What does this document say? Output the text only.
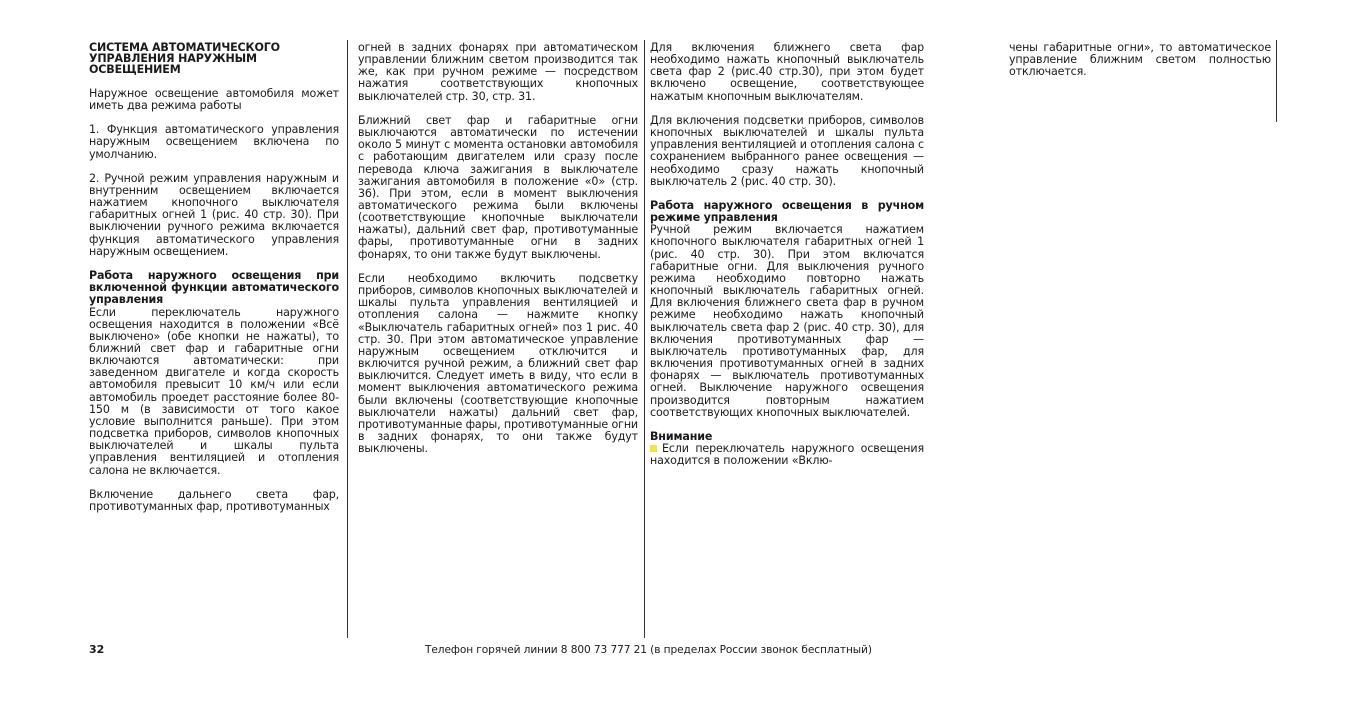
СИСТЕМА АВТОМАТИЧЕСКОГО УПРАВЛЕНИЯ НАРУЖНЫМ ОСВЕЩЕНИЕМ
Наружное освещение автомобиля может иметь два режима работы
1. Функция автоматического управления наружным освещением включена по умолчанию.
2. Ручной режим управления наружным и внутренним освещением включается нажатием кнопочного выключателя габаритных огней 1 (рис. 40 стр. 30). При выключении ручного режима включается функция автоматического управления наружным освещением.
Работа наружного освещения при включенной функции автоматического управления
Если переключатель наружного освещения находится в положении «Всё выключено» (обе кнопки не нажаты), то ближний свет фар и габаритные огни включаются автоматически: при заведенном двигателе и когда скорость автомобиля превысит 10 км/ч или если автомобиль проедет расстояние более 80-150 м (в зависимости от того какое условие выполнится раньше). При этом подсветка приборов, символов кнопочных выключателей и шкалы пульта управления вентиляцией и отопления салона не включается.
Включение дальнего света фар, противотуманных фар, противотуманных
огней в задних фонарях при автоматическом управлении ближним светом производится так же, как при ручном режиме — посредством нажатия соответствующих кнопочных выключателей стр. 30, стр. 31.
Ближний свет фар и габаритные огни выключаются автоматически по истечении около 5 минут с момента остановки автомобиля с работающим двигателем или сразу после перевода ключа зажигания в выключателе зажигания автомобиля в положение «0» (стр. 36). При этом, если в момент выключения автоматического режима были включены (соответствующие кнопочные выключатели нажаты), дальний свет фар, противотуманные фары, противотуманные огни в задних фонарях, то они также будут выключены.
Если необходимо включить подсветку приборов, символов кнопочных выключателей и шкалы пульта управления вентиляцией и отопления салона — нажмите кнопку «Выключатель габаритных огней» поз 1 рис. 40 стр. 30. При этом автоматическое управление наружным освещением отключится и включится ручной режим, а ближний свет фар выключится. Следует иметь в виду, что если в момент выключения автоматического режима были включены (соответствующие кнопочные выключатели нажаты) дальний свет фар, противотуманные фары, противотуманные огни в задних фонарях, то они также будут выключены.
Для включения ближнего света фар необходимо нажать кнопочный выключатель света фар 2 (рис.40 стр.30), при этом будет включено освещение, соответствующее нажатым кнопочным выключателям.
Для включения подсветки приборов, символов кнопочных выключателей и шкалы пульта управления вентиляцией и отопления салона с сохранением выбранного ранее освещения — необходимо сразу нажать кнопочный выключатель 2 (рис. 40 стр. 30).
Работа наружного освещения в ручном режиме управления
Ручной режим включается нажатием кнопочного выключателя габаритных огней 1 (рис. 40 стр. 30). При этом включатся габаритные огни. Для выключения ручного режима необходимо повторно нажать кнопочный выключатель габаритных огней. Для включения ближнего света фар в ручном режиме необходимо нажать кнопочный выключатель света фар 2 (рис. 40 стр. 30), для включения противотуманных фар — выключатель противотуманных фар, для включения противотуманных огней в задних фонарях — выключатель противотуманных огней. Выключение наружного освещения производится повторным нажатием соответствующих кнопочных выключателей.
Внимание
Если переключатель наружного освещения находится в положении «Вклю-
чены габаритные огни», то автоматическое управление ближним светом полностью отключается.
32	Телефон горячей линии 8 800 73 777 21 (в пределах России звонок бесплатный)
